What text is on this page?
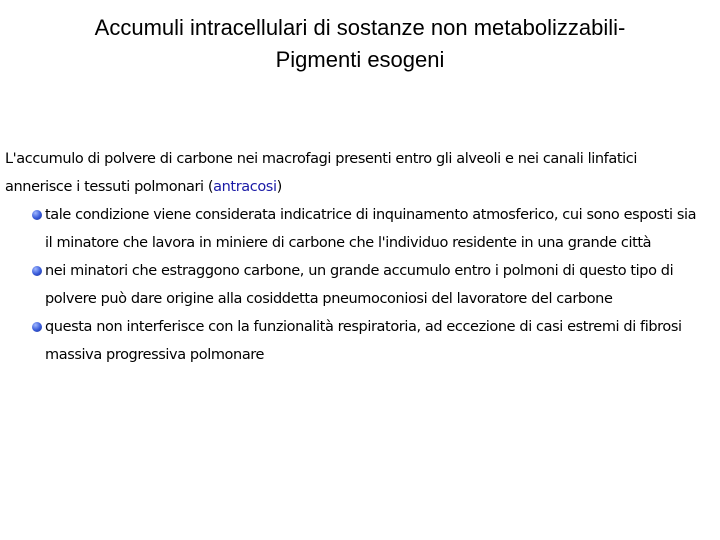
Accumuli intracellulari di sostanze non metabolizzabili-
Pigmenti esogeni

L'accumulo di polvere di carbone nei macrofagi presenti entro gli alveoli e nei canali linfatici annerisce i tessuti polmonari (antracosi)

tale condizione viene considerata indicatrice di inquinamento atmosferico, cui sono esposti sia il minatore che lavora in miniere di carbone che l'individuo residente in una grande città
nei minatori che estraggono carbone, un grande accumulo entro i polmoni di questo tipo di polvere può dare origine alla cosiddetta pneumoconiosi del lavoratore del carbone
questa non interferisce con la funzionalità respiratoria, ad eccezione di casi estremi di fibrosi massiva progressiva polmonare
